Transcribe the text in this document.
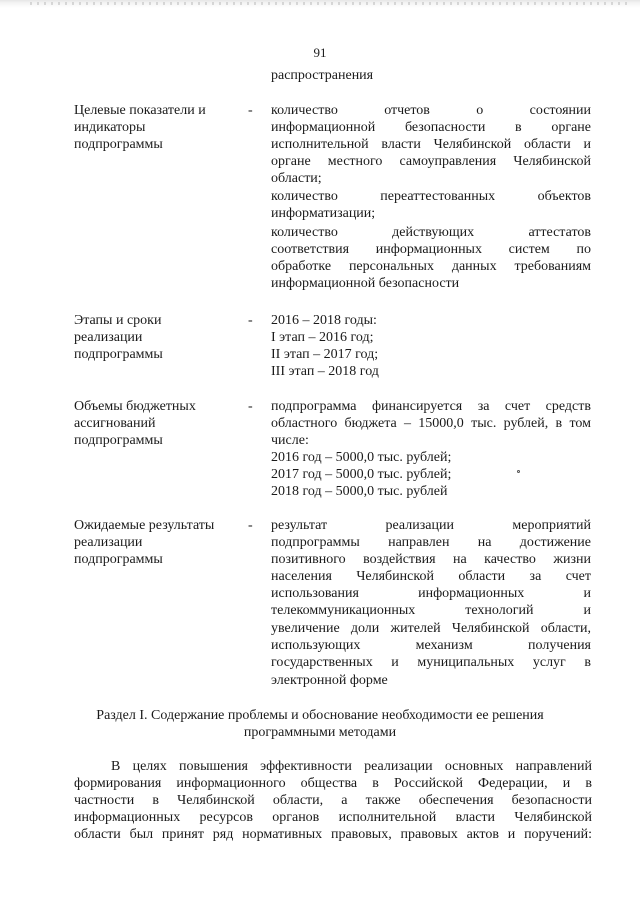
91
распространения
Целевые показатели и
индикаторы
подпрограммы
- количество отчетов о состоянии
информационной безопасности в органе
исполнительной власти Челябинской области и
органе местного самоуправления Челябинской
области;
количество переаттестованных объектов
информатизации;
количество действующих аттестатов
соответствия информационных систем по
обработке персональных данных требованиям
информационной безопасности
Этапы и сроки
реализации
подпрограммы
- 2016 – 2018 годы:
I этап – 2016 год;
II этап – 2017 год;
III этап – 2018 год
Объемы бюджетных
ассигнований
подпрограммы
- подпрограмма финансируется за счет средств
областного бюджета – 15000,0 тыс. рублей, в том
числе:
2016 год – 5000,0 тыс. рублей;
2017 год – 5000,0 тыс. рублей;
2018 год – 5000,0 тыс. рублей
Ожидаемые результаты
реализации
подпрограммы
- результат реализации мероприятий
подпрограммы направлен на достижение
позитивного воздействия на качество жизни
населения Челябинской области за счет
использования информационных и
телекоммуникационных технологий и
увеличение доли жителей Челябинской области,
использующих механизм получения
государственных и муниципальных услуг в
электронной форме
Раздел I. Содержание проблемы и обоснование необходимости ее решения
программными методами
В целях повышения эффективности реализации основных направлений
формирования информационного общества в Российской Федерации, и в
частности в Челябинской области, а также обеспечения безопасности
информационных ресурсов органов исполнительной власти Челябинской
области был принят ряд нормативных правовых, правовых актов и поручений:
